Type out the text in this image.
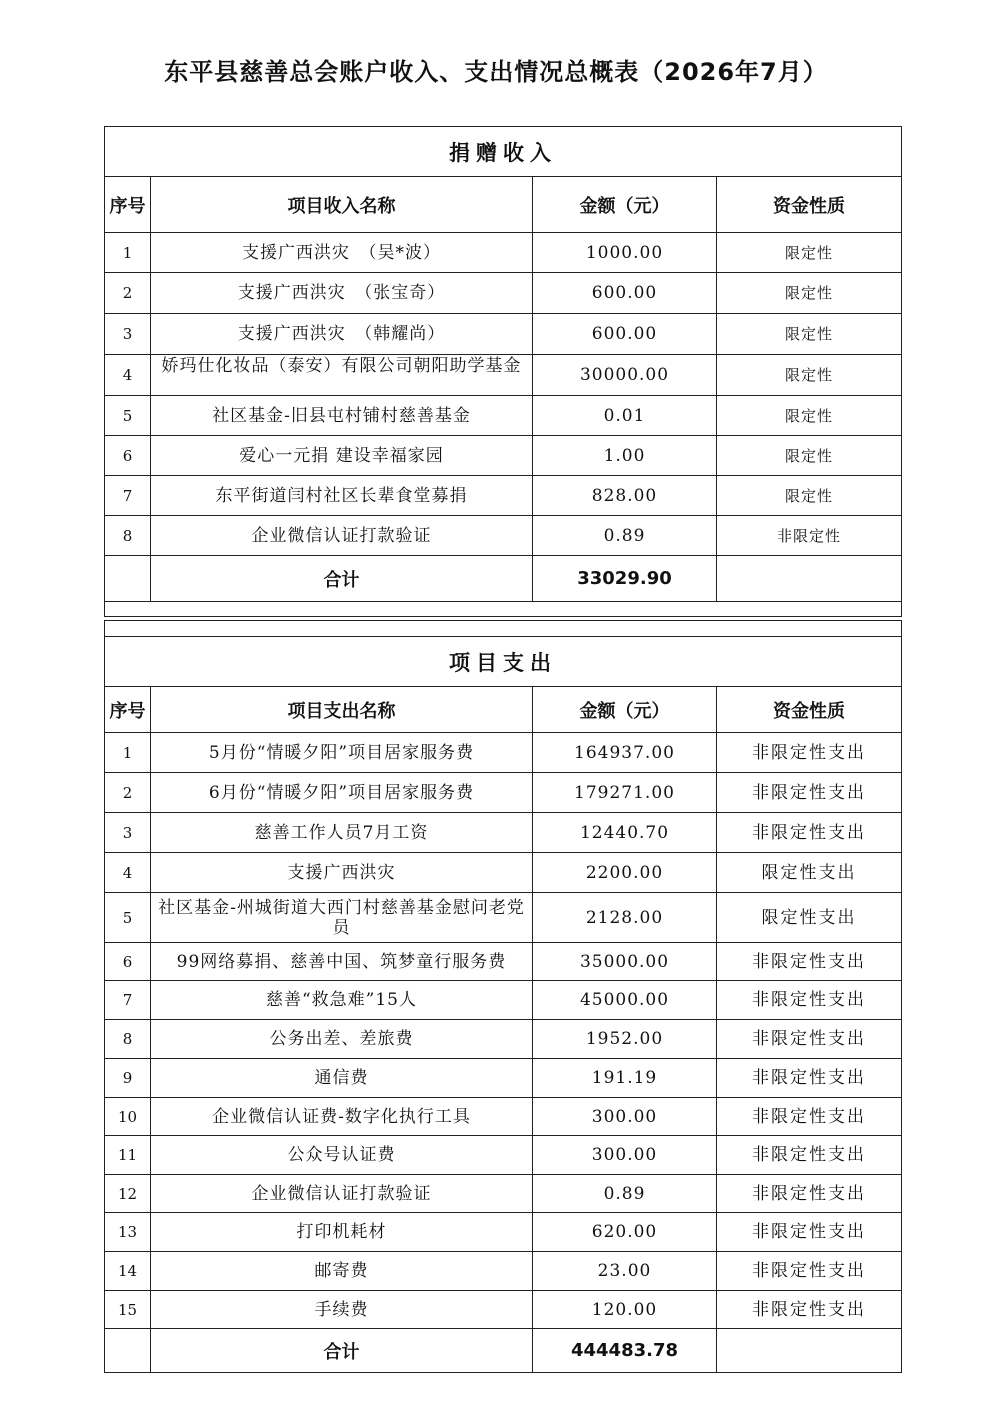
东平县慈善总会账户收入、支出情况总概表（2026年7月）
捐赠收入			
序号	项目收入名称	金额（元）	资金性质
1	支援广西洪灾　（吴*波）	1000.00	限定性
2	支援广西洪灾　（张宝奇）	600.00	限定性
3	支援广西洪灾　（韩耀尚）	600.00	限定性
4	娇玛仕化妆品（泰安）有限公司朝阳助学基金	30000.00	限定性
5	社区基金-旧县屯村铺村慈善基金	0.01	限定性
6	爱心一元捐 建设幸福家园	1.00	限定性
7	东平街道闫村社区长辈食堂募捐	828.00	限定性
8	企业微信认证打款验证	0.89	非限定性
	合计	33029.90	

项目支出			
序号	项目支出名称	金额（元）	资金性质
1	5月份“情暖夕阳”项目居家服务费	164937.00	非限定性支出
2	6月份“情暖夕阳”项目居家服务费	179271.00	非限定性支出
3	慈善工作人员7月工资	12440.70	非限定性支出
4	支援广西洪灾	2200.00	限定性支出
5	社区基金-州城街道大西门村慈善基金慰问老党员	2128.00	限定性支出
6	99网络募捐、慈善中国、筑梦童行服务费	35000.00	非限定性支出
7	慈善“救急难”15人	45000.00	非限定性支出
8	公务出差、差旅费	1952.00	非限定性支出
9	通信费	191.19	非限定性支出
10	企业微信认证费-数字化执行工具	300.00	非限定性支出
11	公众号认证费	300.00	非限定性支出
12	企业微信认证打款验证	0.89	非限定性支出
13	打印机耗材	620.00	非限定性支出
14	邮寄费	23.00	非限定性支出
15	手续费	120.00	非限定性支出
	合计	444483.78	
